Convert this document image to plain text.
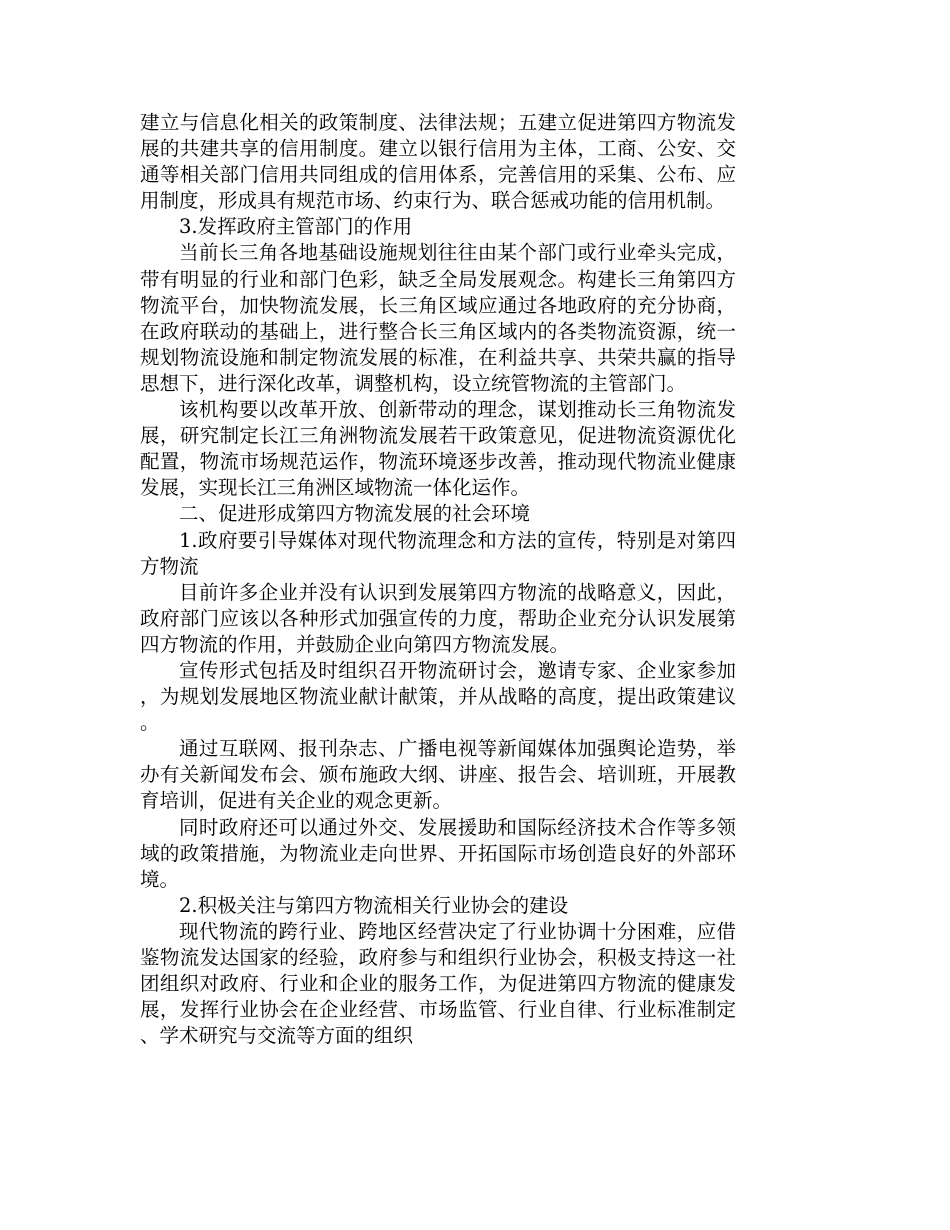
建立与信息化相关的政策制度、法律法规；五建立促进第四方物流发展的共建共享的信用制度。建立以银行信用为主体，工商、公安、交通等相关部门信用共同组成的信用体系，完善信用的采集、公布、应用制度，形成具有规范市场、约束行为、联合惩戒功能的信用机制。

3.发挥政府主管部门的作用

当前长三角各地基础设施规划往往由某个部门或行业牵头完成，带有明显的行业和部门色彩，缺乏全局发展观念。构建长三角第四方物流平台，加快物流发展，长三角区域应通过各地政府的充分协商，在政府联动的基础上，进行整合长三角区域内的各类物流资源，统一规划物流设施和制定物流发展的标准，在利益共享、共荣共赢的指导思想下，进行深化改革，调整机构，设立统管物流的主管部门。

该机构要以改革开放、创新带动的理念，谋划推动长三角物流发展，研究制定长江三角洲物流发展若干政策意见，促进物流资源优化配置，物流市场规范运作，物流环境逐步改善，推动现代物流业健康发展，实现长江三角洲区域物流一体化运作。

二、促进形成第四方物流发展的社会环境

1.政府要引导媒体对现代物流理念和方法的宣传，特别是对第四方物流

目前许多企业并没有认识到发展第四方物流的战略意义，因此，政府部门应该以各种形式加强宣传的力度，帮助企业充分认识发展第四方物流的作用，并鼓励企业向第四方物流发展。

宣传形式包括及时组织召开物流研讨会，邀请专家、企业家参加，为规划发展地区物流业献计献策，并从战略的高度，提出政策建议。

通过互联网、报刊杂志、广播电视等新闻媒体加强舆论造势，举办有关新闻发布会、颁布施政大纲、讲座、报告会、培训班，开展教育培训，促进有关企业的观念更新。

同时政府还可以通过外交、发展援助和国际经济技术合作等多领域的政策措施，为物流业走向世界、开拓国际市场创造良好的外部环境。

2.积极关注与第四方物流相关行业协会的建设

现代物流的跨行业、跨地区经营决定了行业协调十分困难，应借鉴物流发达国家的经验，政府参与和组织行业协会，积极支持这一社团组织对政府、行业和企业的服务工作，为促进第四方物流的健康发展，发挥行业协会在企业经营、市场监管、行业自律、行业标准制定、学术研究与交流等方面的组织
